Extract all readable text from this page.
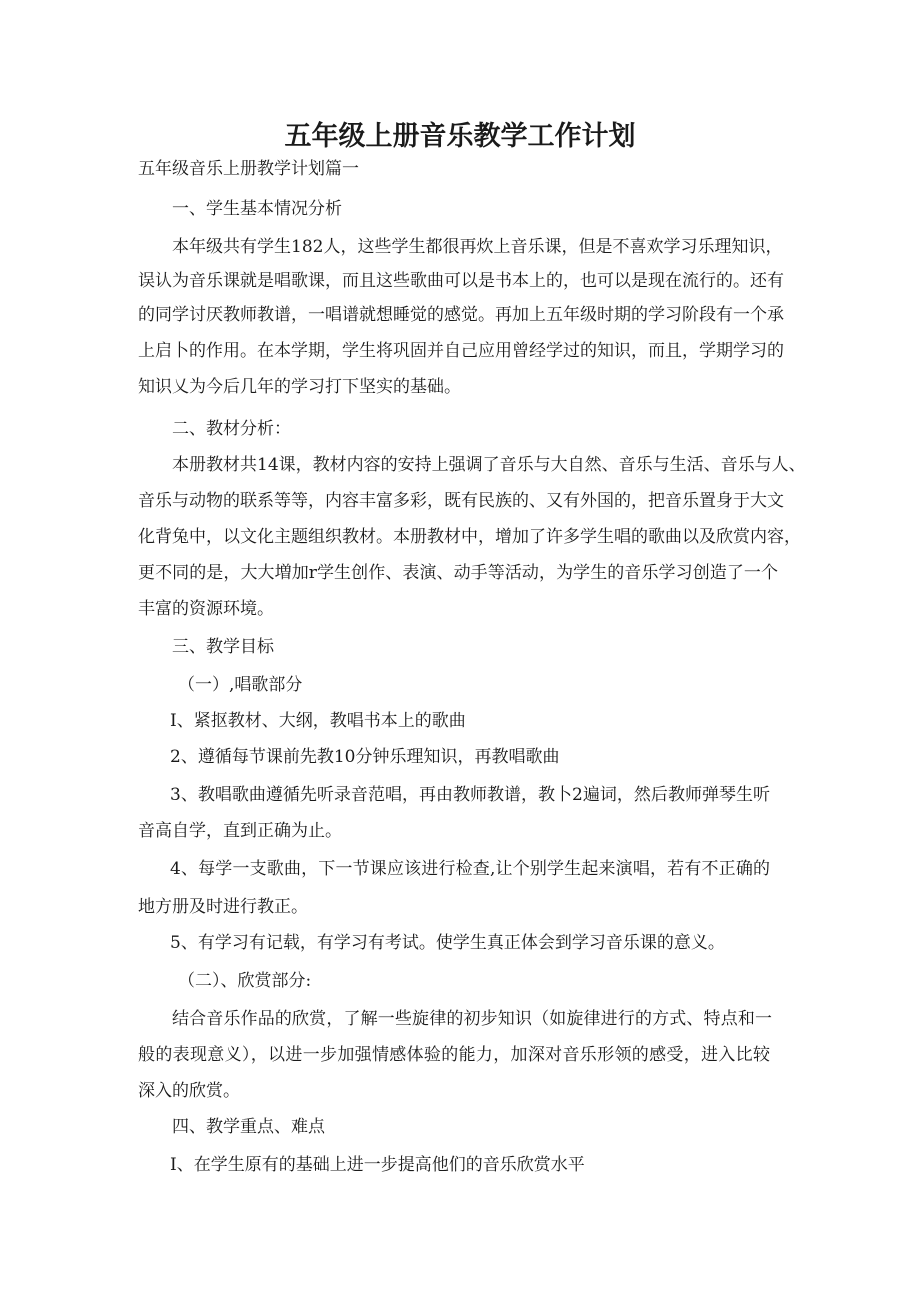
五年级上册音乐教学工作计划
五年级音乐上册教学计划篇一
一、学生基本情况分析
本年级共有学生182人，这些学生都很再炊上音乐课，但是不喜欢学习乐理知识，
误认为音乐课就是唱歌课，而且这些歌曲可以是书本上的，也可以是现在流行的。还有
的同学讨厌教师教谱，一唱谱就想睡觉的感觉。再加上五年级时期的学习阶段有一个承
上启卜的作用。在本学期，学生将巩固并自己应用曾经学过的知识，而且，学期学习的
知识乂为今后几年的学习打下坚实的基础。
二、教材分析：
本册教材共14课，教材内容的安持上强调了音乐与大自然、音乐与生活、音乐与人、
音乐与动物的联系等等，内容丰富多彩，既有民族的、又有外国的，把音乐置身于大文
化背兔中，以文化主题组织教材。本册教材中，增加了许多学生唱的歌曲以及欣赏内容，
更不同的是，大大増加r学生创作、表演、动手等活动，为学生的音乐学习创造了一个
丰富的资源环境。
三、教学目标
（一）,唱歌部分
I、紧抠教材、大纲，教唱书本上的歌曲
2、遵循每节课前先教10分钟乐理知识，再教唱歌曲
3、教唱歌曲遵循先听录音范唱，再由教师教谱，教卜2遍词，然后教师弹琴生听
音高自学，直到正确为止。
4、每学一支歌曲，下一节课应该进行检查,让个别学生起来演唱，若有不正确的
地方册及时进行教正。
5、有学习有记载，有学习有考试。使学生真正体会到学习音乐课的意义。
（二）、欣赏部分:
结合音乐作品的欣赏，了解一些旋律的初步知识（如旋律进行的方式、特点和一
般的表现意义），以进一步加强情感体验的能力，加深对音乐形领的感受，进入比较
深入的欣赏。
四、教学重点、难点
I、在学生原有的基础上进一步提高他们的音乐欣赏水平
